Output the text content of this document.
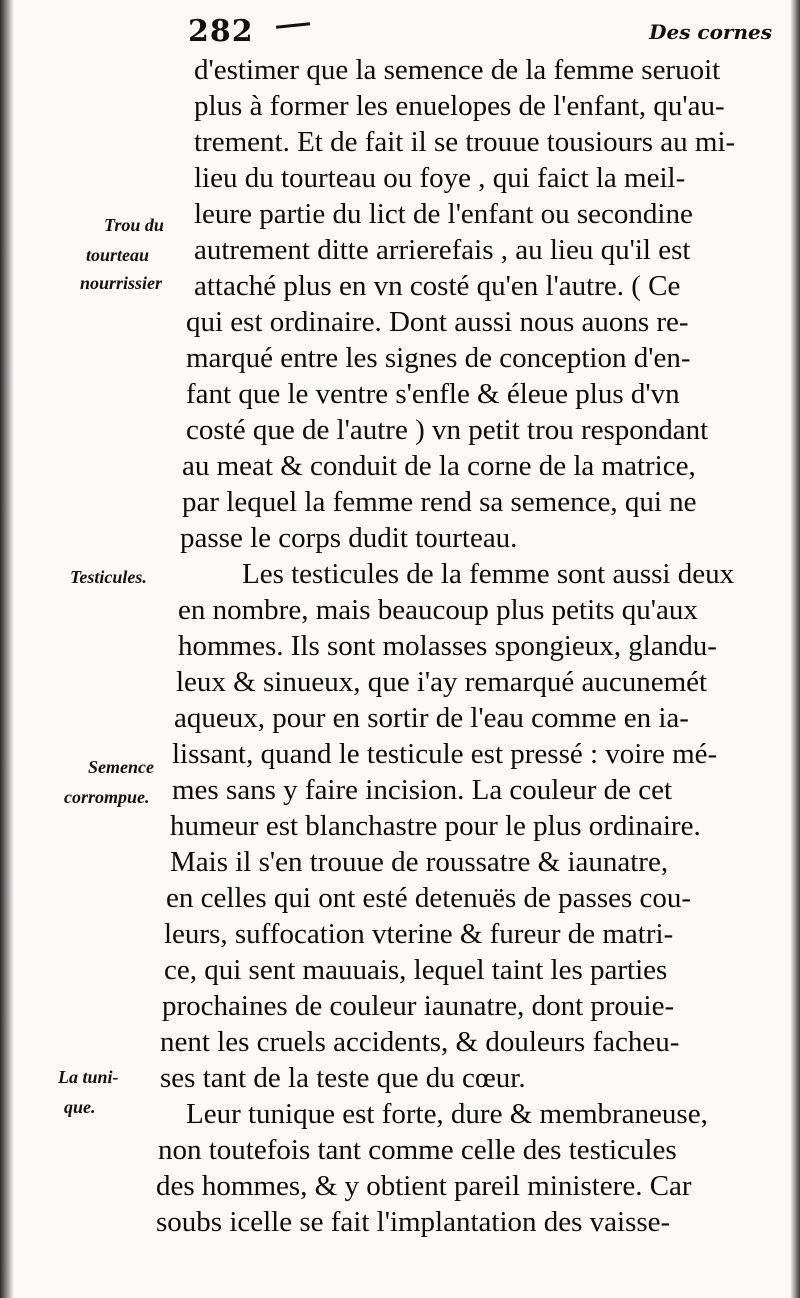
282	Des cornes
Trou du
tourteau
nourrissier
Testicules.
Semence
corrompue.
La tuni-
que.
d'estimer que la semence de la femme seruoit
plus à former les enuelopes de l'enfant, qu'au-
trement. Et de fait il se trouue tousiours au mi-
lieu du tourteau ou foye , qui faict la meil-
leure partie du lict de l'enfant ou secondine
autrement ditte arrierefais , au lieu qu'il est
attaché plus en vn costé qu'en l'autre. ( Ce
qui est ordinaire. Dont aussi nous auons re-
marqué entre les signes de conception d'en-
fant que le ventre s'enfle & éleue plus d'vn
costé que de l'autre ) vn petit trou respondant
au meat & conduit de la corne de la matrice,
par lequel la femme rend sa semence, qui ne
passe le corps dudit tourteau.
Les testicules de la femme sont aussi deux
en nombre, mais beaucoup plus petits qu'aux
hommes. Ils sont molasses spongieux, glandu-
leux & sinueux, que i'ay remarqué aucunemét
aqueux, pour en sortir de l'eau comme en ia-
lissant, quand le testicule est pressé : voire mé-
mes sans y faire incision. La couleur de cet
humeur est blanchastre pour le plus ordinaire.
Mais il s'en trouue de roussatre & iaunatre,
en celles qui ont esté detenuës de passes cou-
leurs, suffocation vterine & fureur de matri-
ce, qui sent mauuais, lequel taint les parties
prochaines de couleur iaunatre, dont prouie-
nent les cruels accidents, & douleurs facheu-
ses tant de la teste que du cœur.
Leur tunique est forte, dure & membraneuse,
non toutefois tant comme celle des testicules
des hommes, & y obtient pareil ministere. Car
soubs icelle se fait l'implantation des vaisse-
